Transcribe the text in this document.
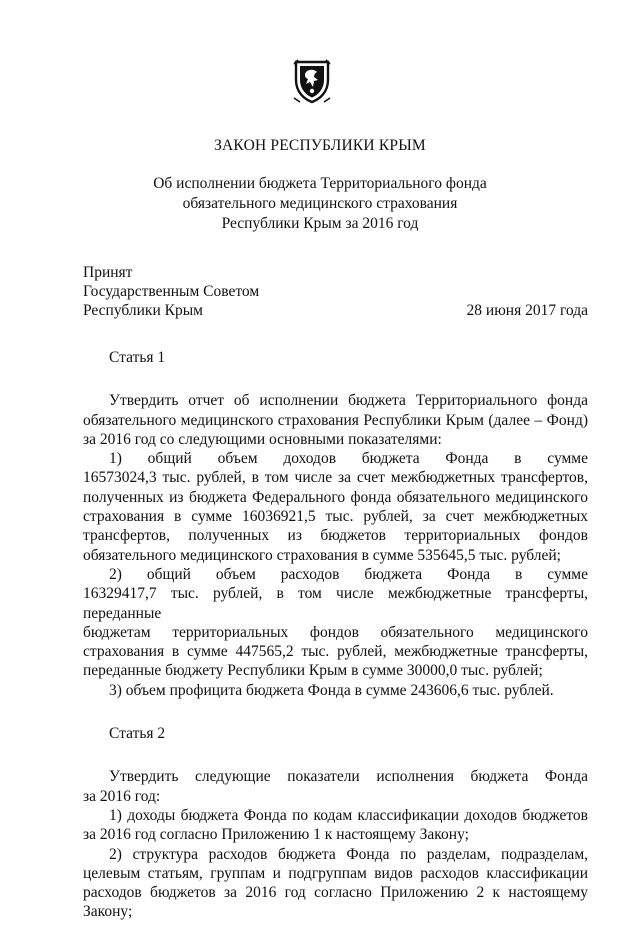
ЗАКОН РЕСПУБЛИКИ КРЫМ
Об исполнении бюджета Территориального фонда
обязательного медицинского страхования
Республики Крым за 2016 год
Принят
Государственным Советом
Республики Крым	28 июня 2017 года
Статья 1

Утвердить отчет об исполнении бюджета Территориального фонда

обязательного медицинского страхования Республики Крым (далее – Фонд)

за 2016 год со следующими основными показателями:

1) общий объем доходов бюджета Фонда в сумме

16573024,3 тыс. рублей, в том числе за счет межбюджетных трансфертов,

полученных из бюджета Федерального фонда обязательного медицинского

страхования в сумме 16036921,5 тыс. рублей, за счет межбюджетных

трансфертов, полученных из бюджетов территориальных фондов

обязательного медицинского страхования в сумме 535645,5 тыс. рублей;

2) общий объем расходов бюджета Фонда в сумме

16329417,7 тыс. рублей, в том числе межбюджетные трансферты, переданные

бюджетам территориальных фондов обязательного медицинского

страхования в сумме 447565,2 тыс. рублей, межбюджетные трансферты,

переданные бюджету Республики Крым в сумме 30000,0 тыс. рублей;

3) объем профицита бюджета Фонда в сумме 243606,6 тыс. рублей.

Статья 2

Утвердить следующие показатели исполнения бюджета Фонда

за 2016 год:

1) доходы бюджета Фонда по кодам классификации доходов бюджетов

за 2016 год согласно Приложению 1 к настоящему Закону;

2) структура расходов бюджета Фонда по разделам, подразделам,

целевым статьям, группам и подгруппам видов расходов классификации

расходов бюджетов за 2016 год согласно Приложению 2 к настоящему

Закону;
